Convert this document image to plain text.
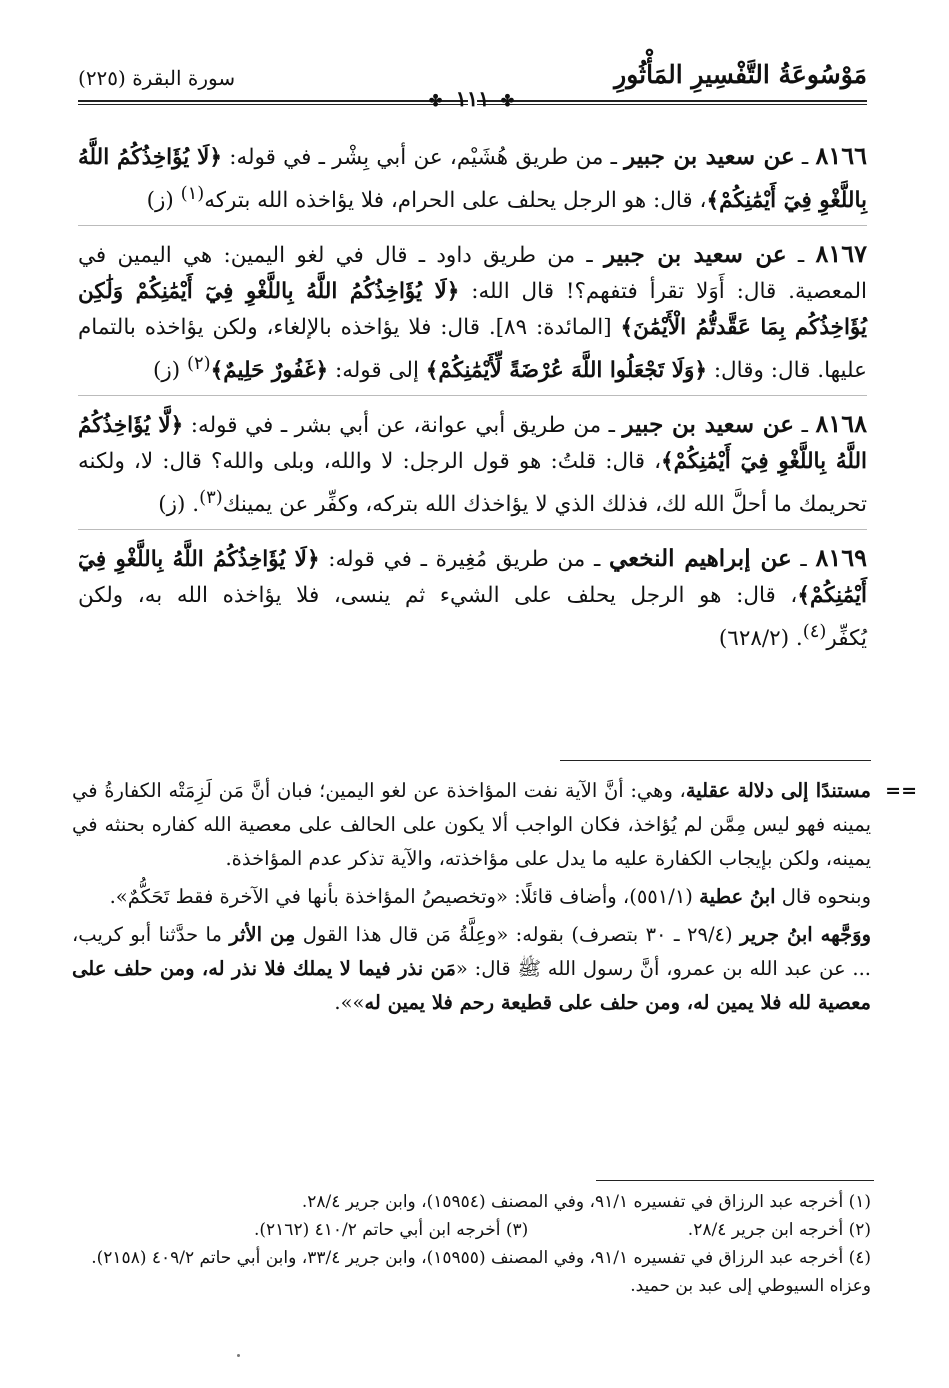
مَوْسُوعَةُ التَّفْسِيرِ المَأْثُورِ
سورة البقرة (٢٢٥)
✤ ١١١ ✤

٨١٦٦ ـ عن سعيد بن جبير ـ من طريق هُشَيْم، عن أبي بِشْر ـ في قوله: ﴿لَا يُؤَاخِذُكُمُ اللَّهُ بِاللَّغْوِ فِيٓ أَيْمَٰنِكُمْ﴾، قال: هو الرجل يحلف على الحرام، فلا يؤاخذه الله بتركه$^{(١)}$ (ز)

٨١٦٧ ـ عن سعيد بن جبير ـ من طريق داود ـ قال في لغو اليمين: هي اليمين في المعصية. قال: أَوَلا تقرأ فتفهم؟! قال الله: ﴿لَا يُؤَاخِذُكُمُ اللَّهُ بِاللَّغْوِ فِيٓ أَيْمَٰنِكُمْ وَلَٰكِن يُؤَاخِذُكُم بِمَا عَقَّدتُّمُ الْأَيْمَٰنَ﴾ [المائدة: ٨٩]. قال: فلا يؤاخذه بالإلغاء، ولكن يؤاخذه بالتمام عليها. قال: وقال: ﴿وَلَا تَجْعَلُوا اللَّهَ عُرْضَةً لِّأَيْمَٰنِكُمْ﴾ إلى قوله: ﴿غَفُورٌ حَلِيمٌ﴾$^{(٢)}$ (ز)

٨١٦٨ ـ عن سعيد بن جبير ـ من طريق أبي عوانة، عن أبي بشر ـ في قوله: ﴿لَّا يُؤَاخِذُكُمُ اللَّهُ بِاللَّغْوِ فِيٓ أَيْمَٰنِكُمْ﴾، قال: قلتُ: هو قول الرجل: لا والله، وبلى والله؟ قال: لا، ولكنه تحريمك ما أحلَّ الله لك، فذلك الذي لا يؤاخذك الله بتركه، وكفِّر عن يمينك$^{(٣)}$. (ز)

٨١٦٩ ـ عن إبراهيم النخعي ـ من طريق مُغِيرة ـ في قوله: ﴿لَا يُؤَاخِذُكُمُ اللَّهُ بِاللَّغْوِ فِيٓ أَيْمَٰنِكُمْ﴾، قال: هو الرجل يحلف على الشيء ثم ينسى، فلا يؤاخذه الله به، ولكن يُكفِّر$^{(٤)}$. (٦٢٨/٢)

==

مستندًا إلى دلالة عقلية، وهي: أنَّ الآية نفت المؤاخذة عن لغو اليمين؛ فبان أنَّ مَن لَزِمَتْه الكفارةُ في يمينه فهو ليس مِمَّن لم يُؤاخذ، فكان الواجب ألا يكون على الحالف على معصية الله كفاره بحنثه في يمينه، ولكن بإيجاب الكفارة عليه ما يدل على مؤاخذته، والآية تذكر عدم المؤاخذة.

وبنحوه قال ابنُ عطية (٥٥١/١)، وأضاف قائلًا: «وتخصيصُ المؤاخذة بأنها في الآخرة فقط تَحَكُّمٌ».

ووَجَّهه ابنُ جرير (٢٩/٤ ـ ٣٠ بتصرف) بقوله: «وعِلَّةُ مَن قال هذا القول مِن الأثر ما حدَّثنا أبو كريب، ... عن عبد الله بن عمرو، أنَّ رسول الله ﷺ قال: «مَن نذر فيما لا يملك فلا نذر له، ومن حلف على معصية لله فلا يمين له، ومن حلف على قطيعة رحم فلا يمين له»».

(١) أخرجه عبد الرزاق في تفسيره ٩١/١، وفي المصنف (١٥٩٥٤)، وابن جرير ٢٨/٤.

(٢) أخرجه ابن جرير ٢٨/٤.
(٣) أخرجه ابن أبي حاتم ٤١٠/٢ (٢١٦٢).

(٤) أخرجه عبد الرزاق في تفسيره ٩١/١، وفي المصنف (١٥٩٥٥)، وابن جرير ٣٣/٤، وابن أبي حاتم ٤٠٩/٢ (٢١٥٨). وعزاه السيوطي إلى عبد بن حميد.
